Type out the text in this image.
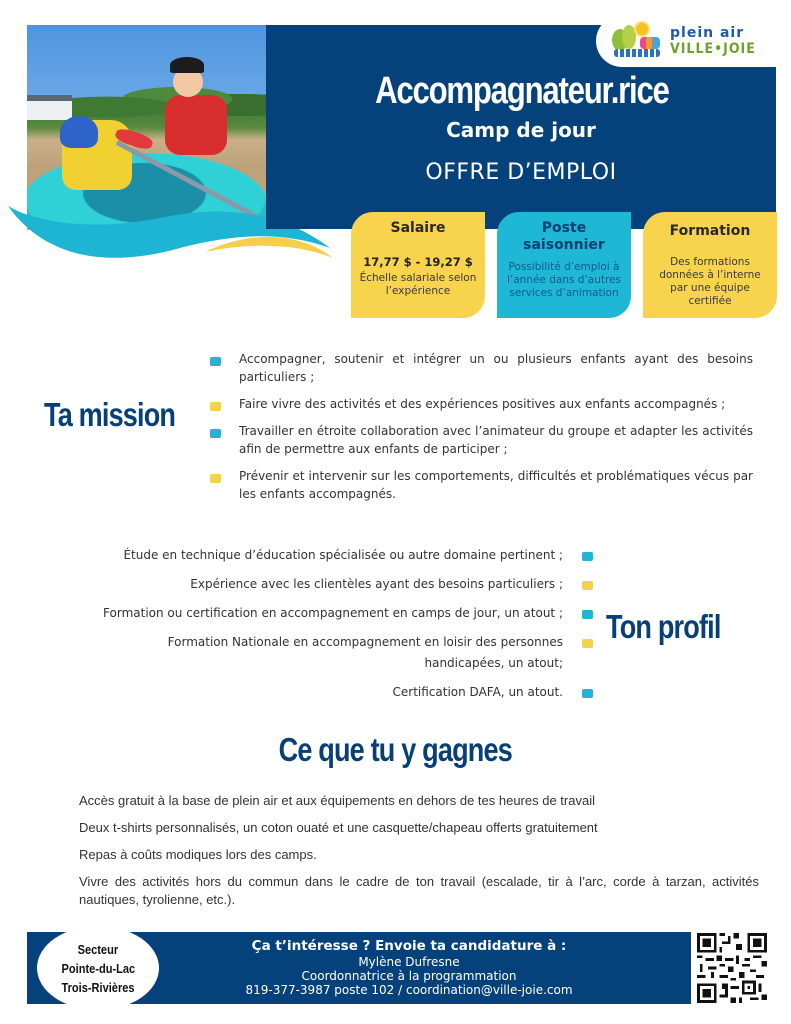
plein air
VILLE•JOIE
Accompagnateur.rice
Camp de jour
OFFRE D’EMPLOI
Salaire
17,77 $ - 19,27 $
Échelle salariale selon l’expérience
Poste saisonnier
Possibilité d’emploi à l’année dans d’autres services d’animation
Formation
Des formations données à l’interne par une équipe certifiée
Ta mission
Accompagner, soutenir et intégrer un ou plusieurs enfants ayant des besoins particuliers ;
Faire vivre des activités et des expériences positives aux enfants accompagnés ;
Travailler en étroite collaboration avec l’animateur du groupe et adapter les activités afin de permettre aux enfants de participer ;
Prévenir et intervenir sur les comportements, difficultés et problématiques vécus par les enfants accompagnés.
Étude en technique d’éducation spécialisée ou autre domaine pertinent ;
Expérience avec les clientèles ayant des besoins particuliers ;
Formation ou certification en accompagnement en camps de jour, un atout ;
Formation Nationale en accompagnement en loisir des personnes handicapées, un atout;
Certification DAFA, un atout.
Ton profil
Ce que tu y gagnes
Accès gratuit à la base de plein air et aux équipements en dehors de tes heures de travail
Deux t-shirts personnalisés, un coton ouaté et une casquette/chapeau offerts gratuitement
Repas à coûts modiques lors des camps.
Vivre des activités hors du commun dans le cadre de ton travail (escalade, tir à l’arc, corde à tarzan, activités nautiques, tyrolienne, etc.).
Secteur
Pointe-du-Lac
Trois-Rivières
Ça t’intéresse ? Envoie ta candidature à :
Mylène Dufresne
Coordonnatrice à la programmation
819-377-3987 poste 102 / coordination@ville-joie.com
